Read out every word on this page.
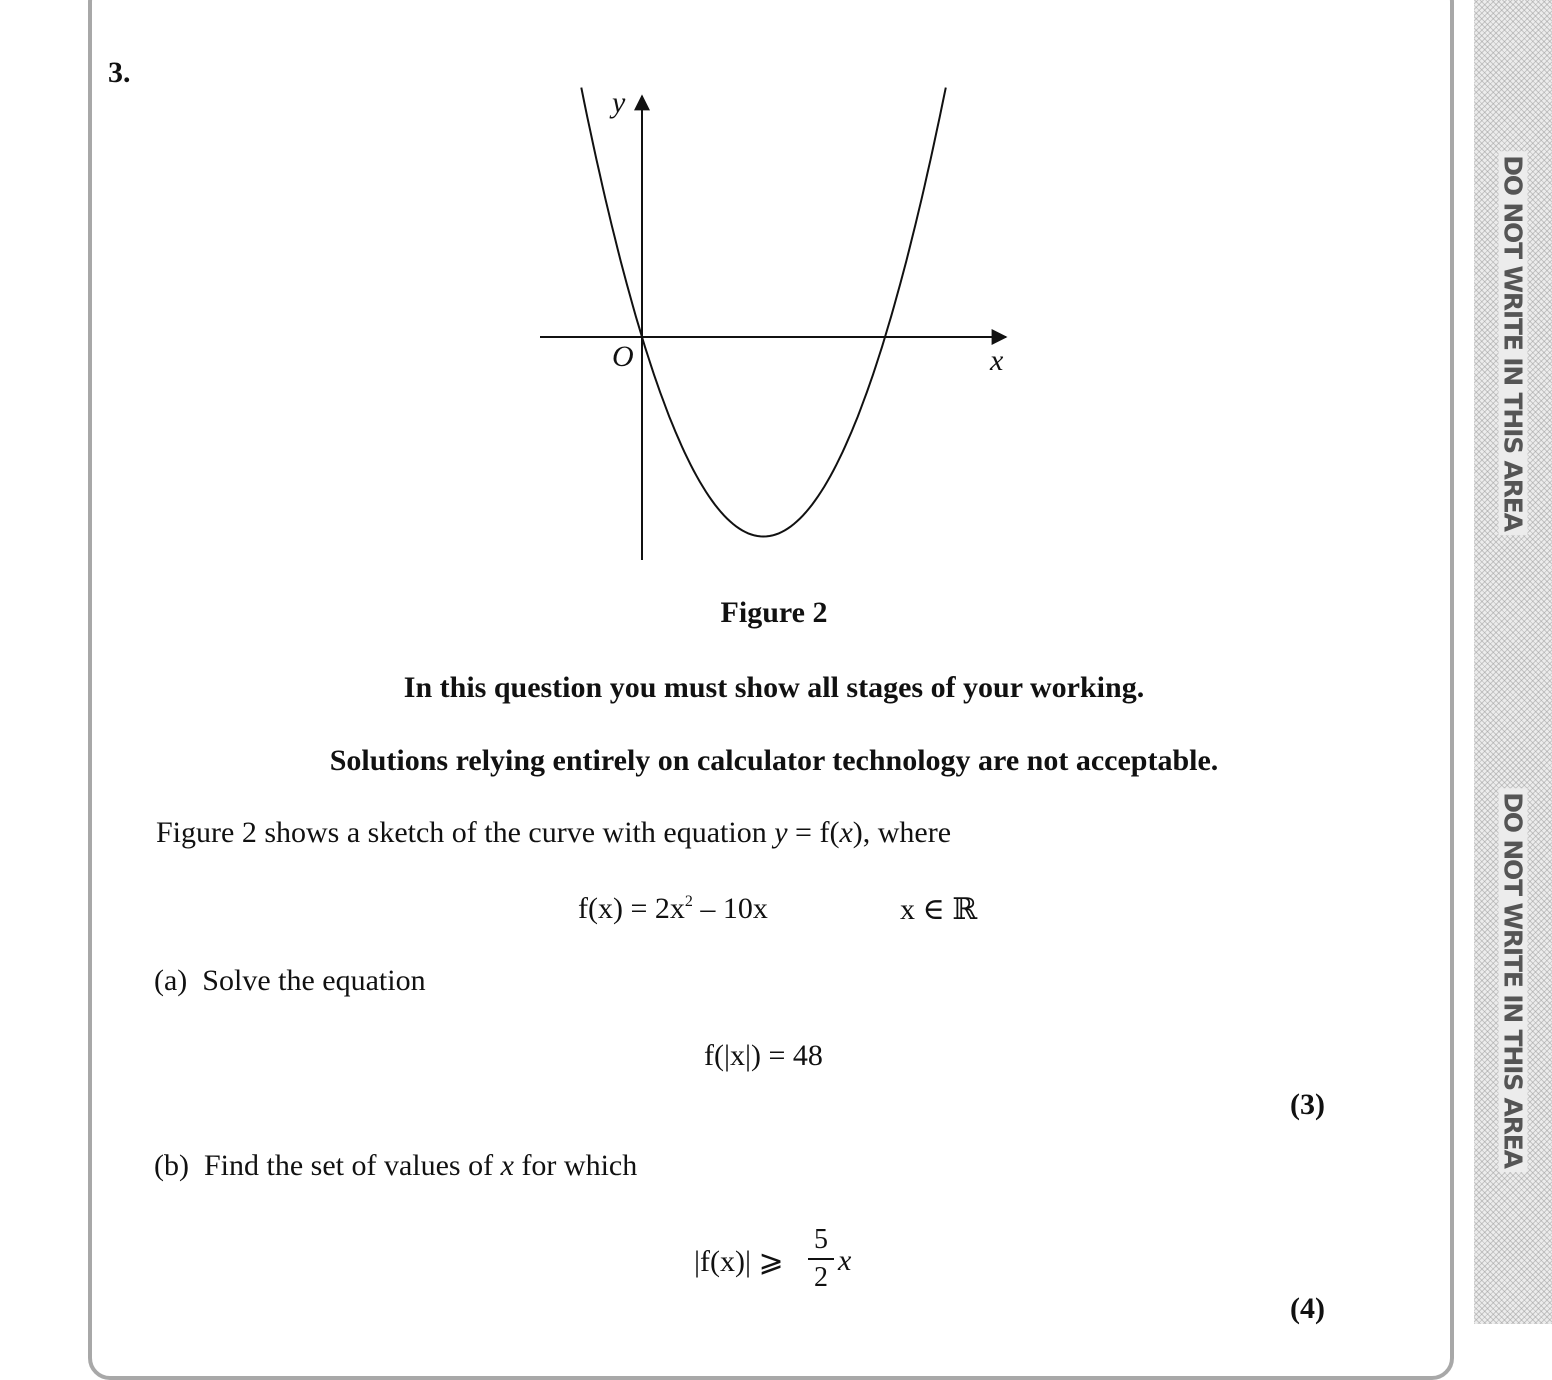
DO NOT WRITE IN THIS AREA
DO NOT WRITE IN THIS AREA
3.
y
x
O
Figure 2
In this question you must show all stages of your working.
Solutions relying entirely on calculator technology are not acceptable.
Figure 2 shows a sketch of the curve with equation y = f(x), where
$f(x) = 2x^2 - 10x$	x ∈ ℝ
(a) Solve the equation
f(|x|) = 48
(3)
(b) Find the set of values of x for which
|f(x)| ⩾
5
2
x
(4)
